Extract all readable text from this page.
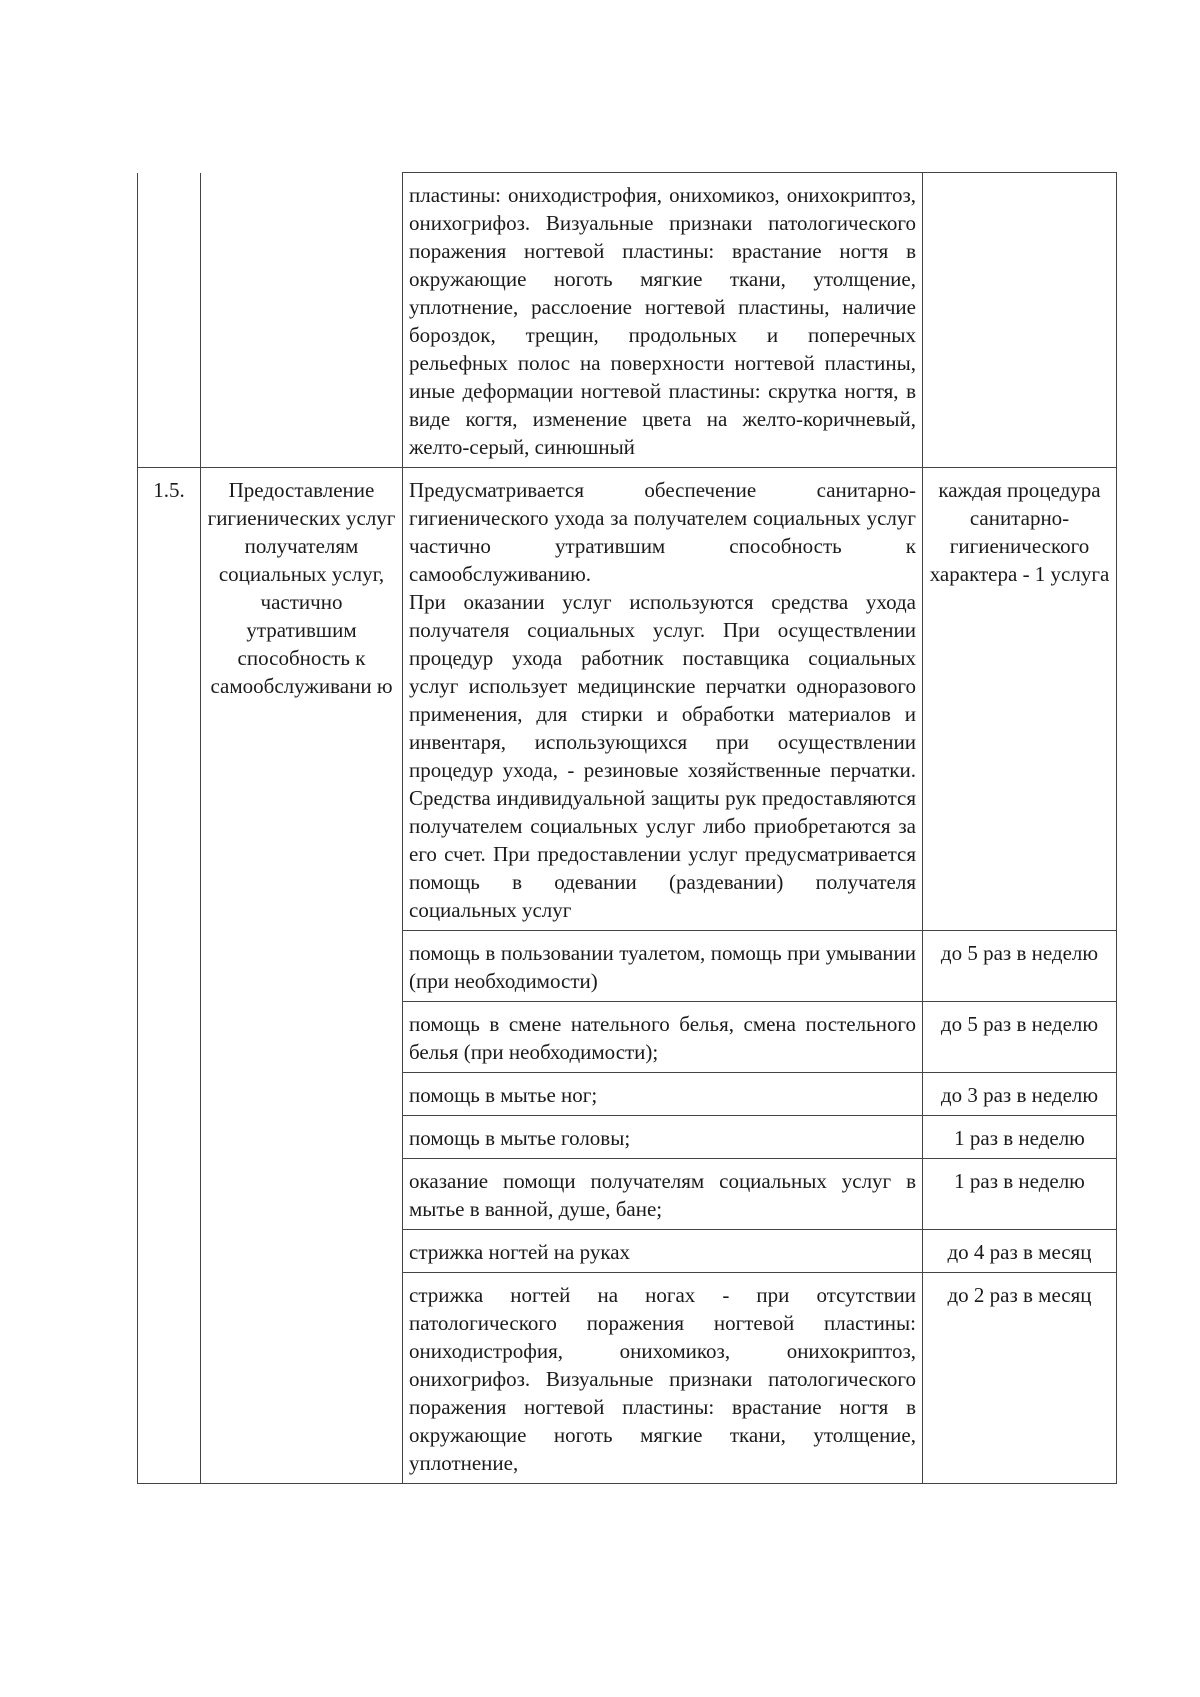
		пластины: ониходистрофия, онихомикоз, онихокриптоз, онихогрифоз. Визуальные признаки патологического поражения ногтевой пластины: врастание ногтя в окружающие ноготь мягкие ткани, утолщение, уплотнение, расслоение ногтевой пластины, наличие бороздок, трещин, продольных и поперечных рельефных полос на поверхности ногтевой пластины, иные деформации ногтевой пластины: скрутка ногтя, в виде когтя, изменение цвета на желто-коричневый, желто-серый, синюшный	
1.5.	Предоставление гигиенических услуг получателям социальных услуг, частично утратившим способность к самообслуживани ю	Предусматривается обеспечение санитарно-гигиенического ухода за получателем социальных услуг частично утратившим способность к самообслуживанию.

При оказании услуг используются средства ухода получателя социальных услуг. При осуществлении процедур ухода работник поставщика социальных услуг использует медицинские перчатки одноразового применения, для стирки и обработки материалов и инвентаря, использующихся при осуществлении процедур ухода, - резиновые хозяйственные перчатки. Средства индивидуальной защиты рук предоставляются получателем социальных услуг либо приобретаются за его счет. При предоставлении услуг предусматривается помощь в одевании (раздевании) получателя социальных услуг	каждая процедура санитарно-гигиенического характера - 1 услуга
		помощь в пользовании туалетом, помощь при умывании (при необходимости)	до 5 раз в неделю
		помощь в смене нательного белья, смена постельного белья (при необходимости);	до 5 раз в неделю
		помощь в мытье ног;	до 3 раз в неделю
		помощь в мытье головы;	1 раз в неделю
		оказание помощи получателям социальных услуг в мытье в ванной, душе, бане;	1 раз в неделю
		стрижка ногтей на руках	до 4 раз в месяц
		стрижка ногтей на ногах - при отсутствии патологического поражения ногтевой пластины: ониходистрофия, онихомикоз, онихокриптоз, онихогрифоз. Визуальные признаки патологического поражения ногтевой пластины: врастание ногтя в окружающие ноготь мягкие ткани, утолщение, уплотнение,	до 2 раз в месяц
